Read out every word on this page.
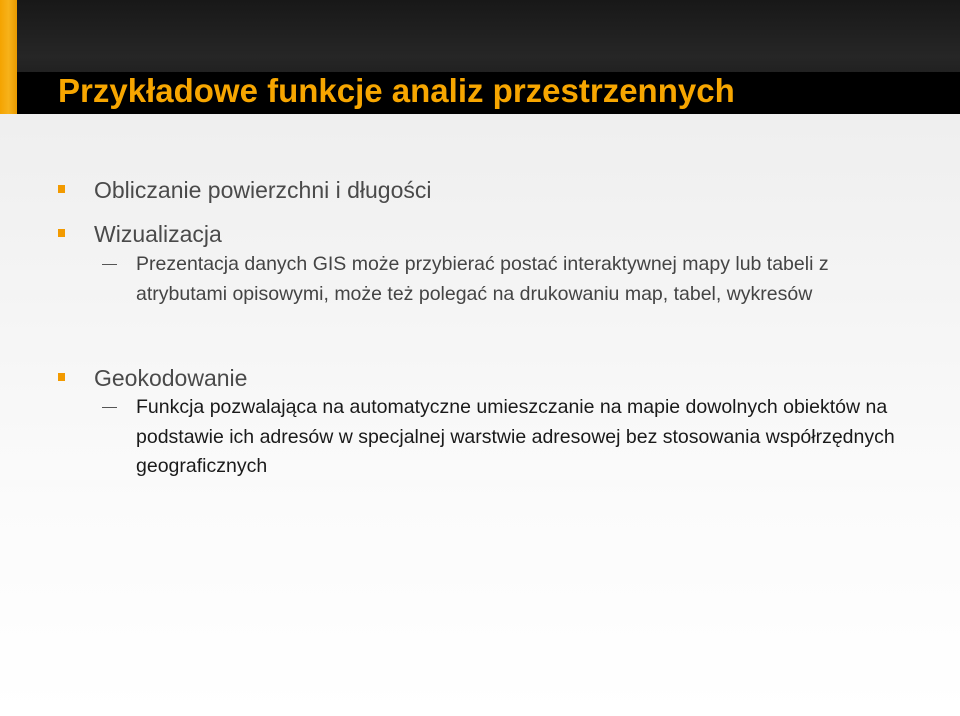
Przykładowe funkcje analiz przestrzennych
Obliczanie powierzchni i długości
Wizualizacja
Prezentacja danych GIS może przybierać postać interaktywnej mapy lub tabeli z atrybutami opisowymi, może też polegać na drukowaniu map, tabel, wykresów
Geokodowanie
Funkcja pozwalająca na automatyczne umieszczanie na mapie dowolnych obiektów na podstawie ich adresów w specjalnej warstwie adresowej bez stosowania współrzędnych geograficznych
